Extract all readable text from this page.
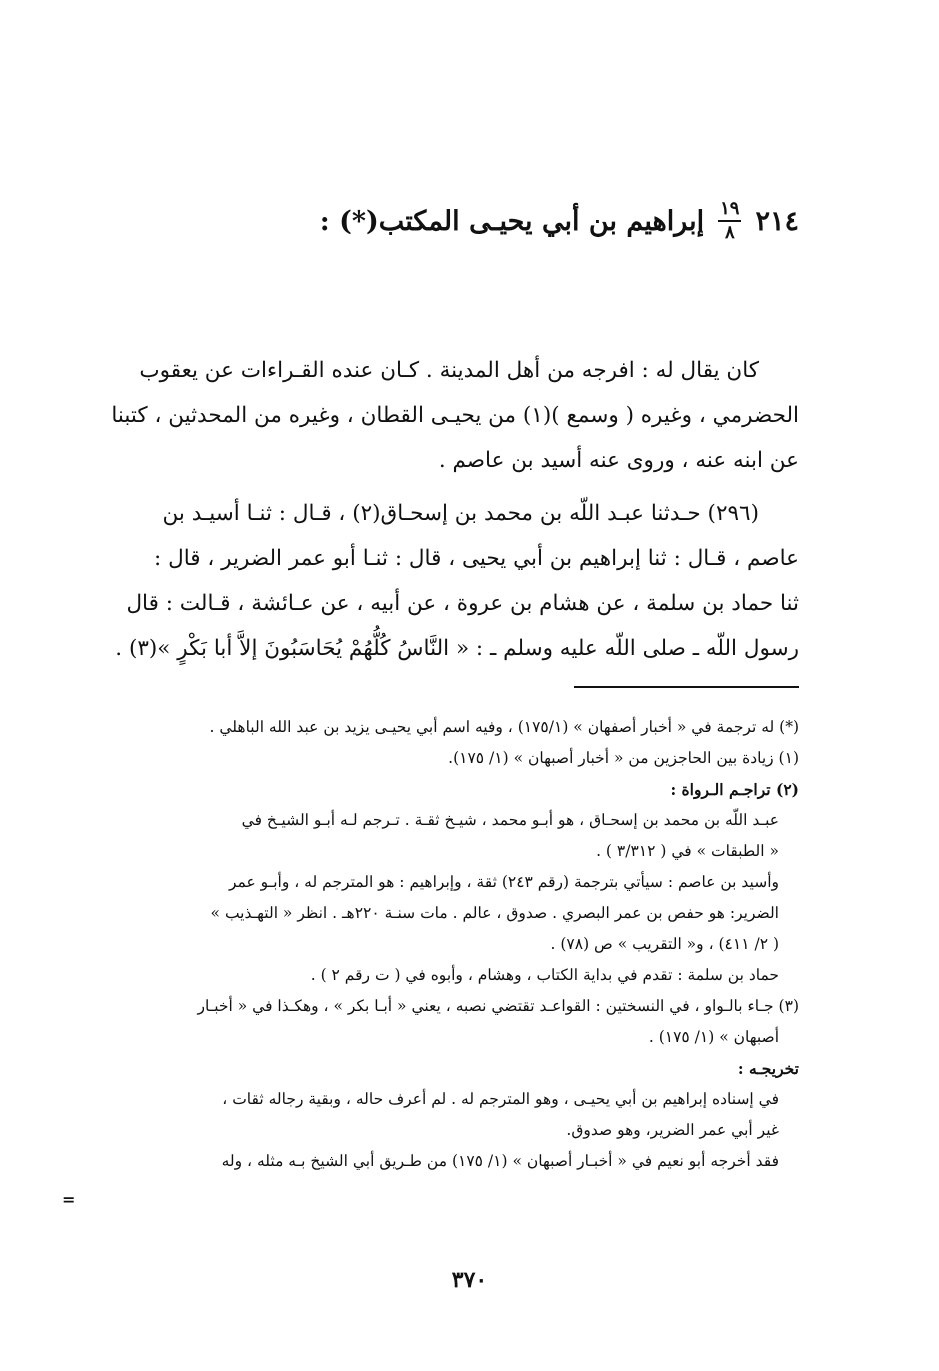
٢١٤
$\frac{١٩}{٨}$
إبراهيم بن أبي يحيـى المكتب(*) :

كان يقال له : افرجه من أهل المدينة . كـان عنده القـراءات عن يعقوب
الحضرمي ، وغيره ( وسمع )(١) من يحيـى القطان ، وغيره من المحدثين ، كتبنا
عن ابنه عنه ، وروى عنه أسيد بن عاصم .

(٢٩٦) حـدثنا عبـد اللّه بن محمد بن إسحـاق(٢) ، قـال : ثنـا أسيـد بن
عاصم ، قـال : ثنا إبراهيم بن أبي يحيى ، قال : ثنـا أبو عمر الضرير ، قال :
ثنا حماد بن سلمة ، عن هشام بن عروة ، عن أبيه ، عن عـائشة ، قـالت : قال
رسول اللّه ـ صلى اللّه عليه وسلم ـ : « النَّاسُ كُلُّهُمْ يُحَاسَبُونَ إلاَّ أبا بَكْرٍ »(٣) .

(*) له ترجمة في « أخبار أصفهان » (١٧٥/١) ، وفيه اسم أبي يحيـى يزيد بن عبد الله الباهلي .
(١) زيادة بين الحاجزين من « أخبار أصبهان » (١/ ١٧٥).
(٢) تراجـم الـرواة :
عبـد اللّه بن محمد بن إسحـاق ، هو أبـو محمد ، شيـخ ثقـة . تـرجم لـه أبـو الشيـخ في
« الطبقات » في ( ٣/٣١٢ ) .
وأسيد بن عاصم : سيأتي بترجمة (رقم ٢٤٣) ثقة ، وإبراهيم : هو المترجم له ، وأبـو عمر
الضرير: هو حفص بن عمر البصري . صدوق ، عالم . مات سنـة ٢٢٠هـ . انظر « التهـذيب »
( ٢/ ٤١١) ، و« التقريب » ص (٧٨) .
حماد بن سلمة : تقدم في بداية الكتاب ، وهشام ، وأبوه في ( ت رقم ٢ ) .
(٣) جـاء بالـواو ، في النسختين : القواعـد تقتضي نصبه ، يعني « أبـا بكر » ، وهكـذا في « أخبـار
أصبهان » (١/ ١٧٥) .
تخريجـه :
في إسناده إبراهيم بن أبي يحيـى ، وهو المترجم له . لم أعرف حاله ، وبقية رجاله ثقات ،
غير أبي عمر الضرير، وهو صدوق.
فقد أخرجه أبو نعيم في « أخبـار أصبهان » (١/ ١٧٥) من طـريق أبي الشيخ بـه مثله ، وله
=
٣٧٠
